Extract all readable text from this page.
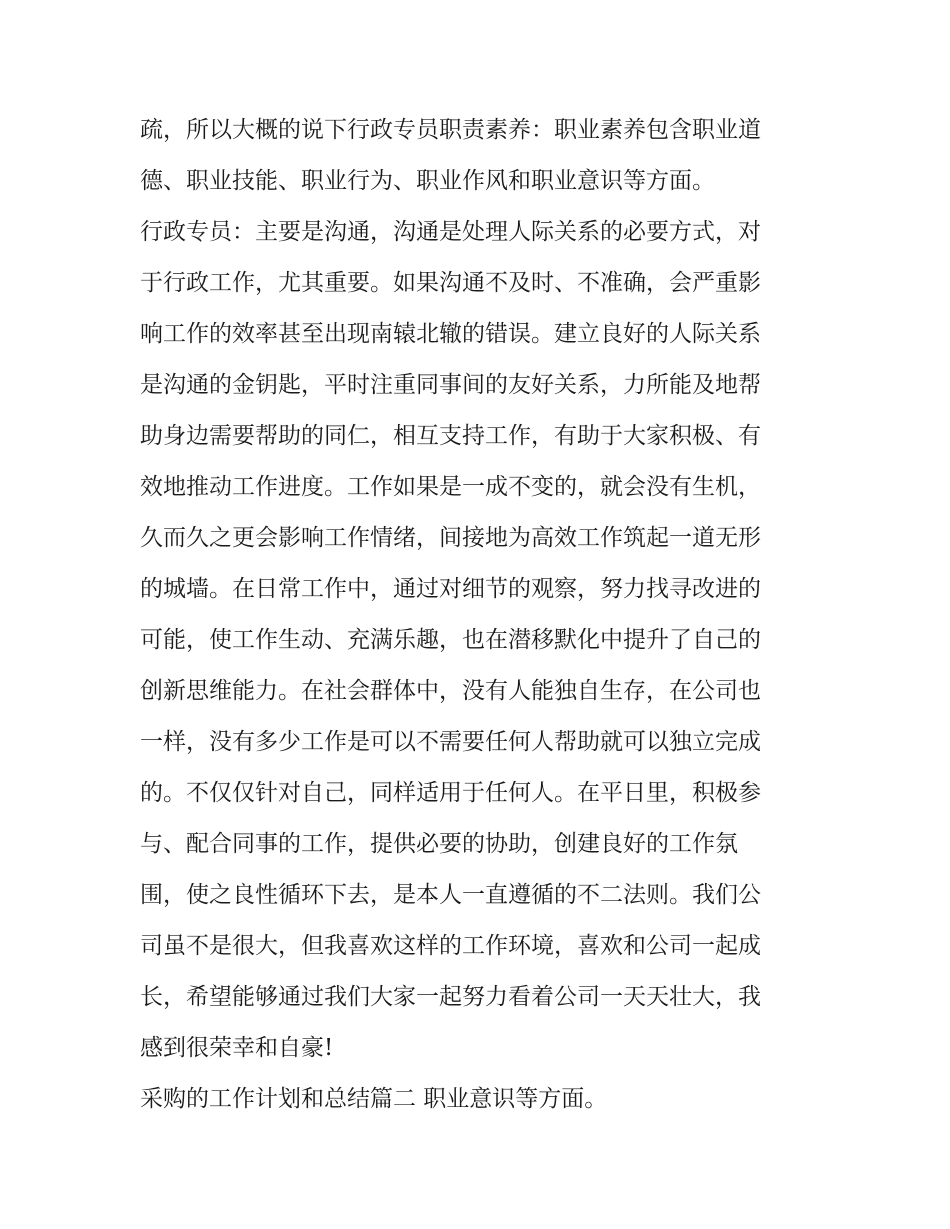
疏，所以大概的说下行政专员职责素养：职业素养包含职业道
德、职业技能、职业行为、职业作风和职业意识等方面。
行政专员：主要是沟通，沟通是处理人际关系的必要方式，对
于行政工作，尤其重要。如果沟通不及时、不准确，会严重影
响工作的效率甚至出现南辕北辙的错误。建立良好的人际关系
是沟通的金钥匙，平时注重同事间的友好关系，力所能及地帮
助身边需要帮助的同仁，相互支持工作，有助于大家积极、有
效地推动工作进度。工作如果是一成不变的，就会没有生机，
久而久之更会影响工作情绪，间接地为高效工作筑起一道无形
的城墙。在日常工作中，通过对细节的观察，努力找寻改进的
可能，使工作生动、充满乐趣，也在潜移默化中提升了自己的
创新思维能力。在社会群体中，没有人能独自生存，在公司也
一样，没有多少工作是可以不需要任何人帮助就可以独立完成
的。不仅仅针对自己，同样适用于任何人。在平日里，积极参
与、配合同事的工作，提供必要的协助，创建良好的工作氛
围，使之良性循环下去，是本人一直遵循的不二法则。我们公
司虽不是很大，但我喜欢这样的工作环境，喜欢和公司一起成
长，希望能够通过我们大家一起努力看着公司一天天壮大，我
感到很荣幸和自豪!
采购的工作计划和总结篇二 职业意识等方面。
